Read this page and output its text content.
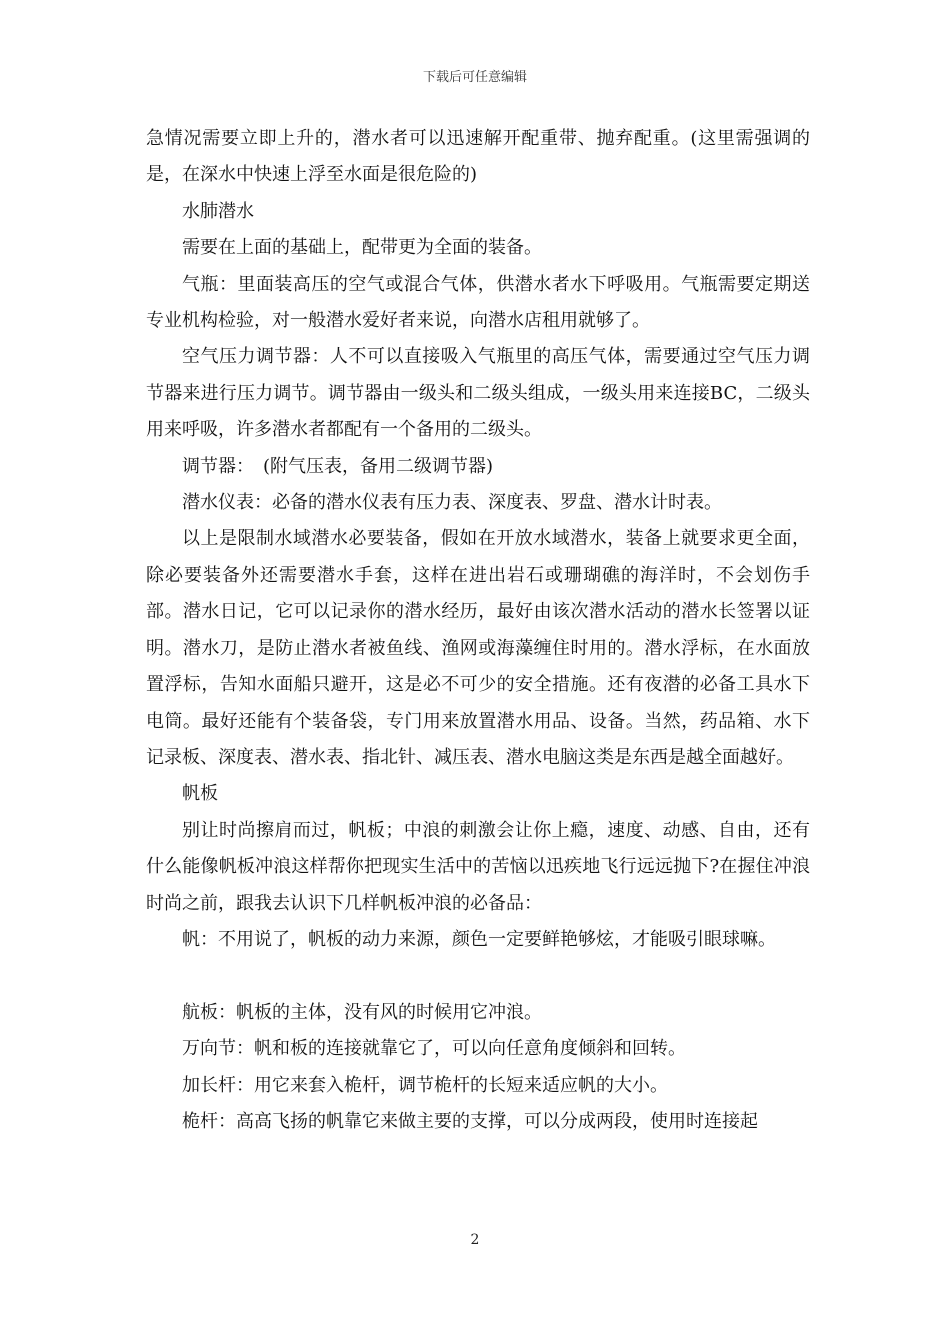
下载后可任意编辑

急情况需要立即上升的，潜水者可以迅速解开配重带、抛弃配重。(这里需强调的是，在深水中快速上浮至水面是很危险的)

水肺潜水

需要在上面的基础上，配带更为全面的装备。

气瓶：里面装高压的空气或混合气体，供潜水者水下呼吸用。气瓶需要定期送专业机构检验，对一般潜水爱好者来说，向潜水店租用就够了。

空气压力调节器：人不可以直接吸入气瓶里的高压气体，需要通过空气压力调节器来进行压力调节。调节器由一级头和二级头组成，一级头用来连接BC，二级头用来呼吸，许多潜水者都配有一个备用的二级头。

调节器：　(附气压表，备用二级调节器)

潜水仪表：必备的潜水仪表有压力表、深度表、罗盘、潜水计时表。

以上是限制水域潜水必要装备，假如在开放水域潜水，装备上就要求更全面，除必要装备外还需要潜水手套，这样在进出岩石或珊瑚礁的海洋时，不会划伤手部。潜水日记，它可以记录你的潜水经历，最好由该次潜水活动的潜水长签署以证明。潜水刀，是防止潜水者被鱼线、渔网或海藻缠住时用的。潜水浮标，在水面放置浮标，告知水面船只避开，这是必不可少的安全措施。还有夜潜的必备工具水下电筒。最好还能有个装备袋，专门用来放置潜水用品、设备。当然，药品箱、水下记录板、深度表、潜水表、指北针、减压表、潜水电脑这类是东西是越全面越好。

帆板

别让时尚擦肩而过，帆板；中浪的刺激会让你上瘾，速度、动感、自由，还有什么能像帆板冲浪这样帮你把现实生活中的苦恼以迅疾地飞行远远抛下?在握住冲浪时尚之前，跟我去认识下几样帆板冲浪的必备品：

帆：不用说了，帆板的动力来源，颜色一定要鲜艳够炫，才能吸引眼球嘛。

航板：帆板的主体，没有风的时候用它冲浪。

万向节：帆和板的连接就靠它了，可以向任意角度倾斜和回转。

加长杆：用它来套入桅杆，调节桅杆的长短来适应帆的大小。

桅杆：高高飞扬的帆靠它来做主要的支撑，可以分成两段，使用时连接起

2
